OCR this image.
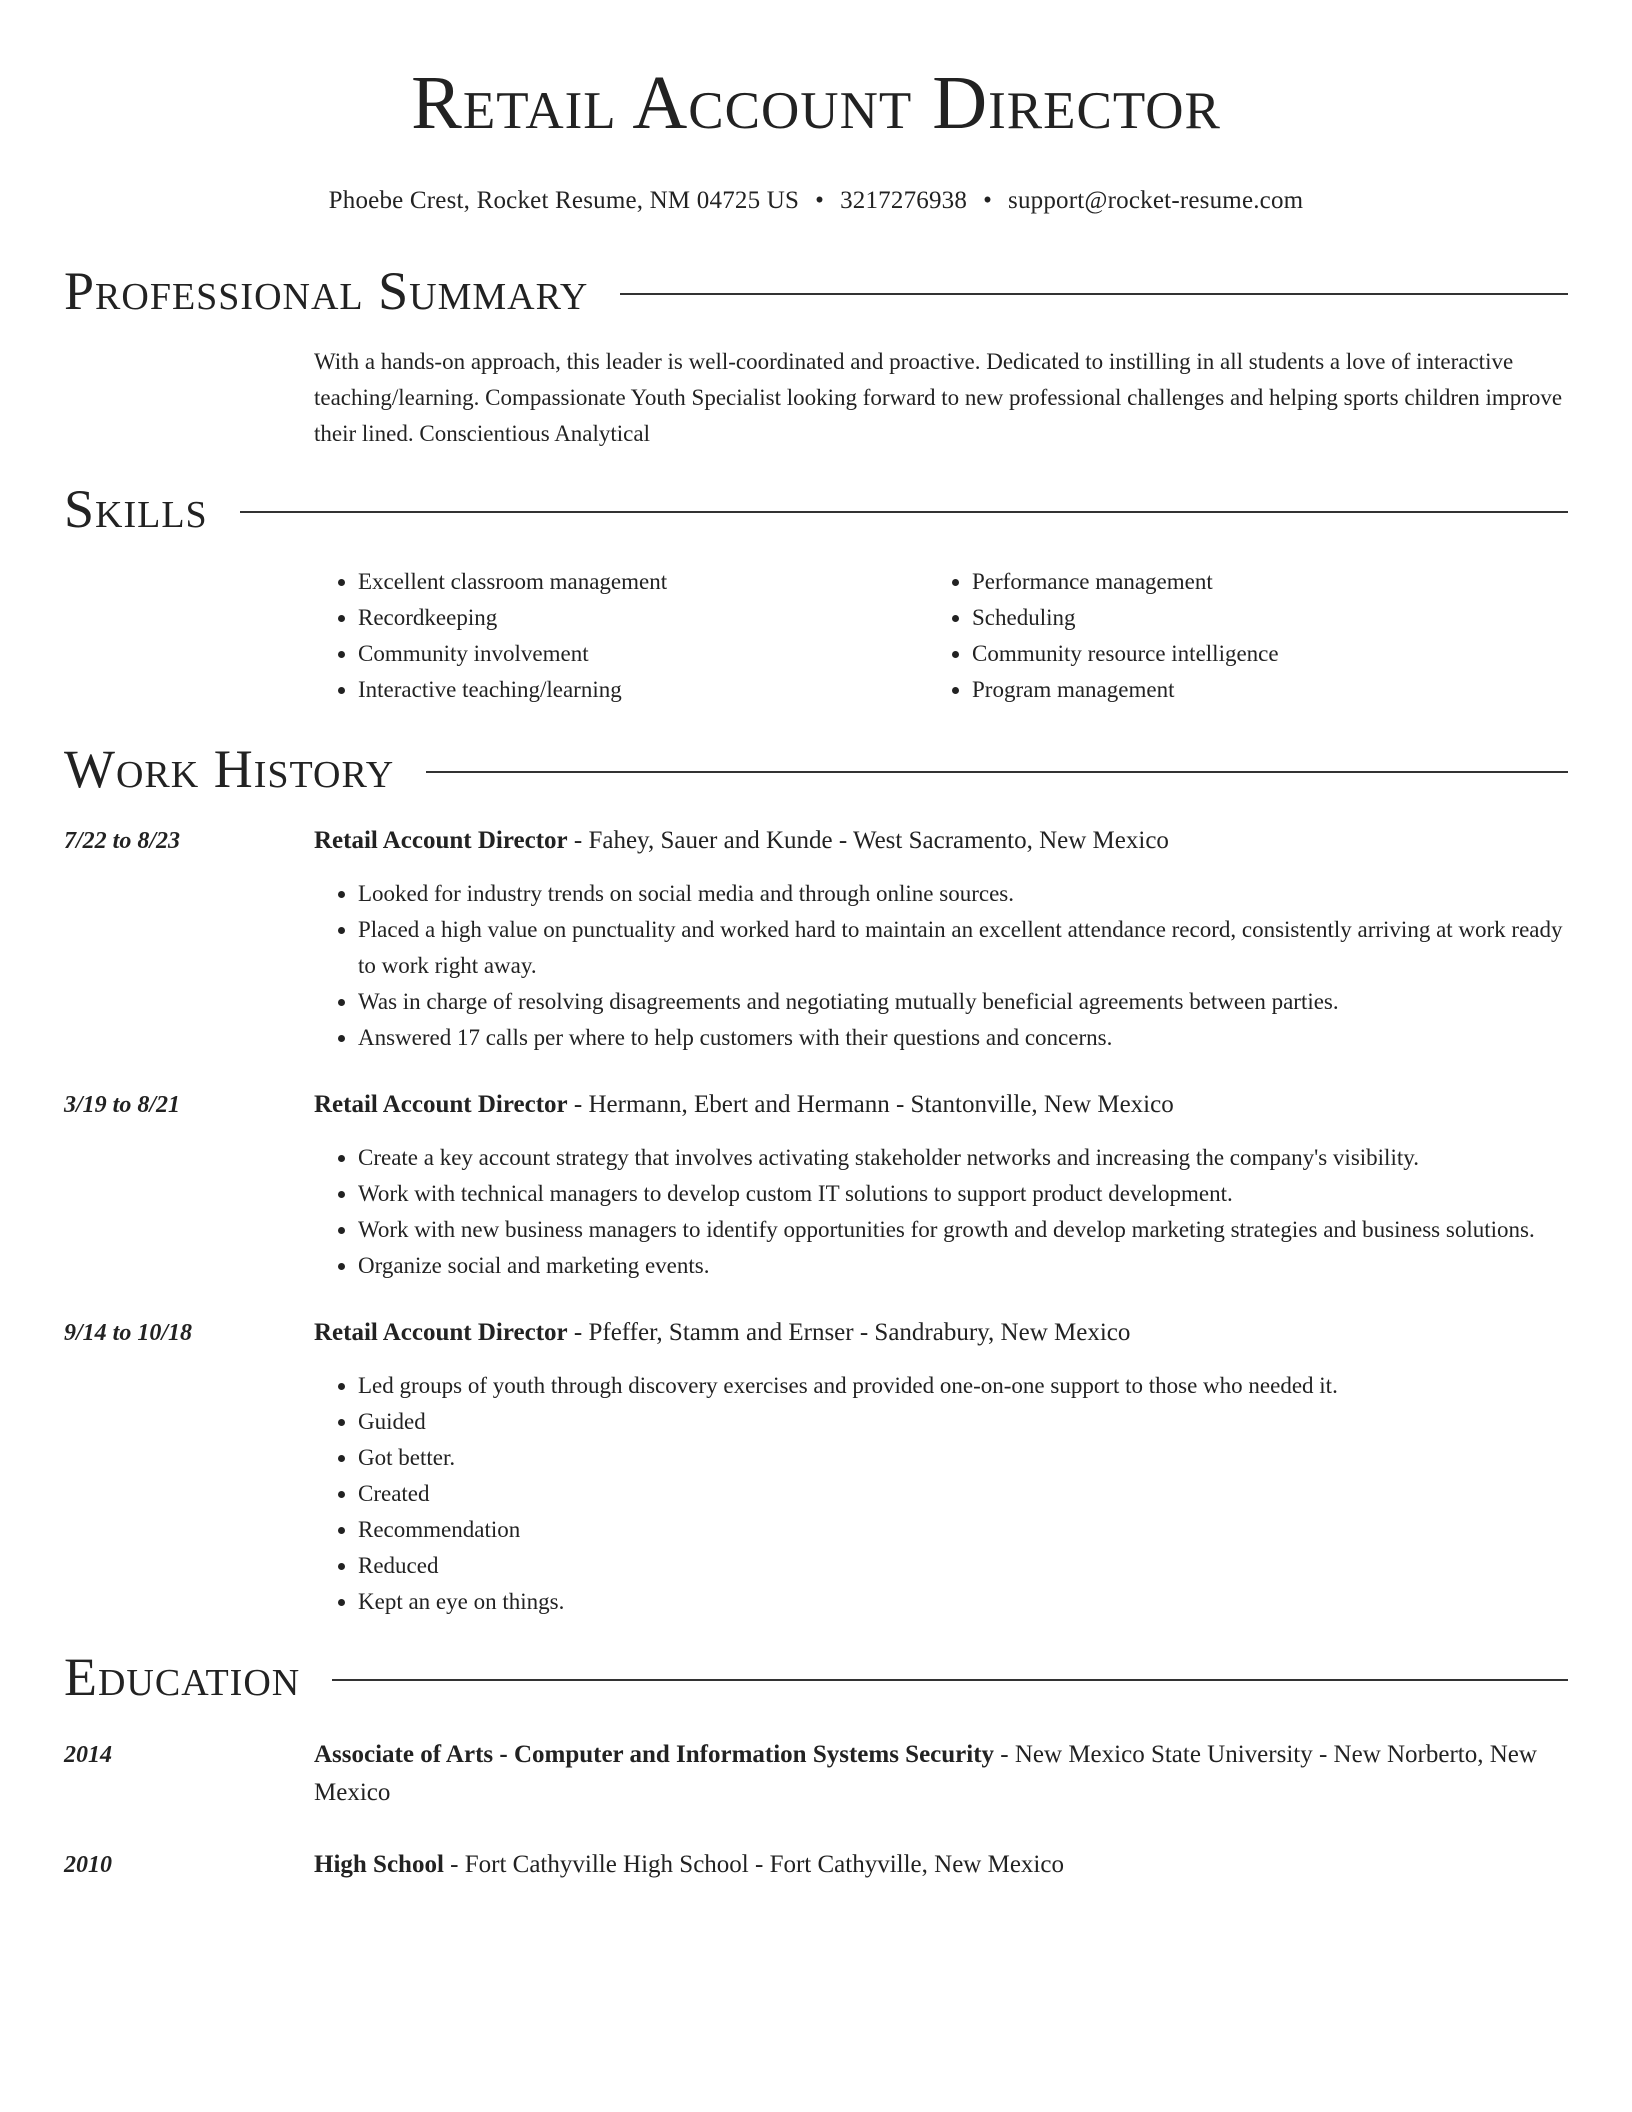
Retail Account Director
Phoebe Crest, Rocket Resume, NM 04725 US • 3217276938 • support@rocket-resume.com
Professional Summary
With a hands-on approach, this leader is well-coordinated and proactive. Dedicated to instilling in all students a love of interactive teaching/learning. Compassionate Youth Specialist looking forward to new professional challenges and helping sports children improve their lined. Conscientious Analytical
Skills
• Excellent classroom management
• Recordkeeping
• Community involvement
• Interactive teaching/learning
• Performance management
• Scheduling
• Community resource intelligence
• Program management
Work History
7/22 to 8/23	Retail Account Director - Fahey, Sauer and Kunde - West Sacramento, New Mexico
• Looked for industry trends on social media and through online sources.
• Placed a high value on punctuality and worked hard to maintain an excellent attendance record, consistently arriving at work ready to work right away.
• Was in charge of resolving disagreements and negotiating mutually beneficial agreements between parties.
• Answered 17 calls per where to help customers with their questions and concerns.
3/19 to 8/21	Retail Account Director - Hermann, Ebert and Hermann - Stantonville, New Mexico
• Create a key account strategy that involves activating stakeholder networks and increasing the company's visibility.
• Work with technical managers to develop custom IT solutions to support product development.
• Work with new business managers to identify opportunities for growth and develop marketing strategies and business solutions.
• Organize social and marketing events.
9/14 to 10/18	Retail Account Director - Pfeffer, Stamm and Ernser - Sandrabury, New Mexico
• Led groups of youth through discovery exercises and provided one-on-one support to those who needed it.
• Guided
• Got better.
• Created
• Recommendation
• Reduced
• Kept an eye on things.
Education
2014	Associate of Arts - Computer and Information Systems Security - New Mexico State University - New Norberto, New Mexico
2010	High School - Fort Cathyville High School - Fort Cathyville, New Mexico
